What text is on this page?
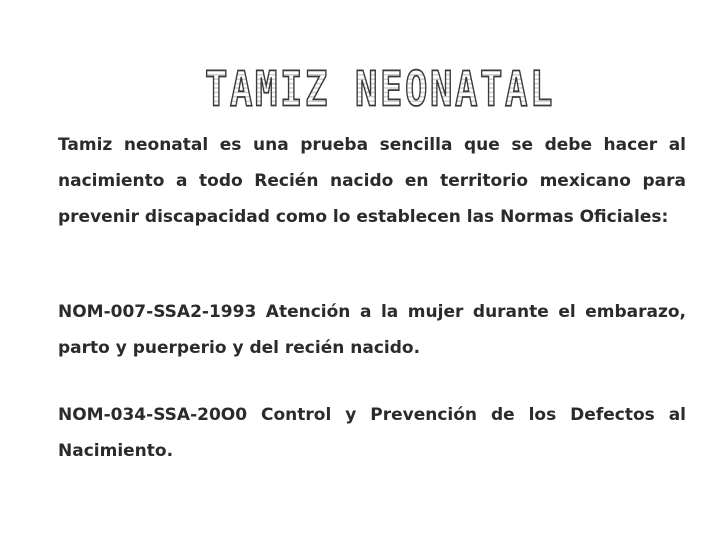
TAMIZ NEONATAL
Tamiz neonatal es una prueba sencilla que se debe hacer al nacimiento a todo Recién nacido en territorio mexicano para prevenir discapacidad como lo establecen las Normas Oficiales:
NOM-007-SSA2-1993 Atención a la mujer durante el embarazo, parto y puerperio y del recién nacido.
NOM-034-SSA-20O0 Control y Prevención de los Defectos al Nacimiento.
